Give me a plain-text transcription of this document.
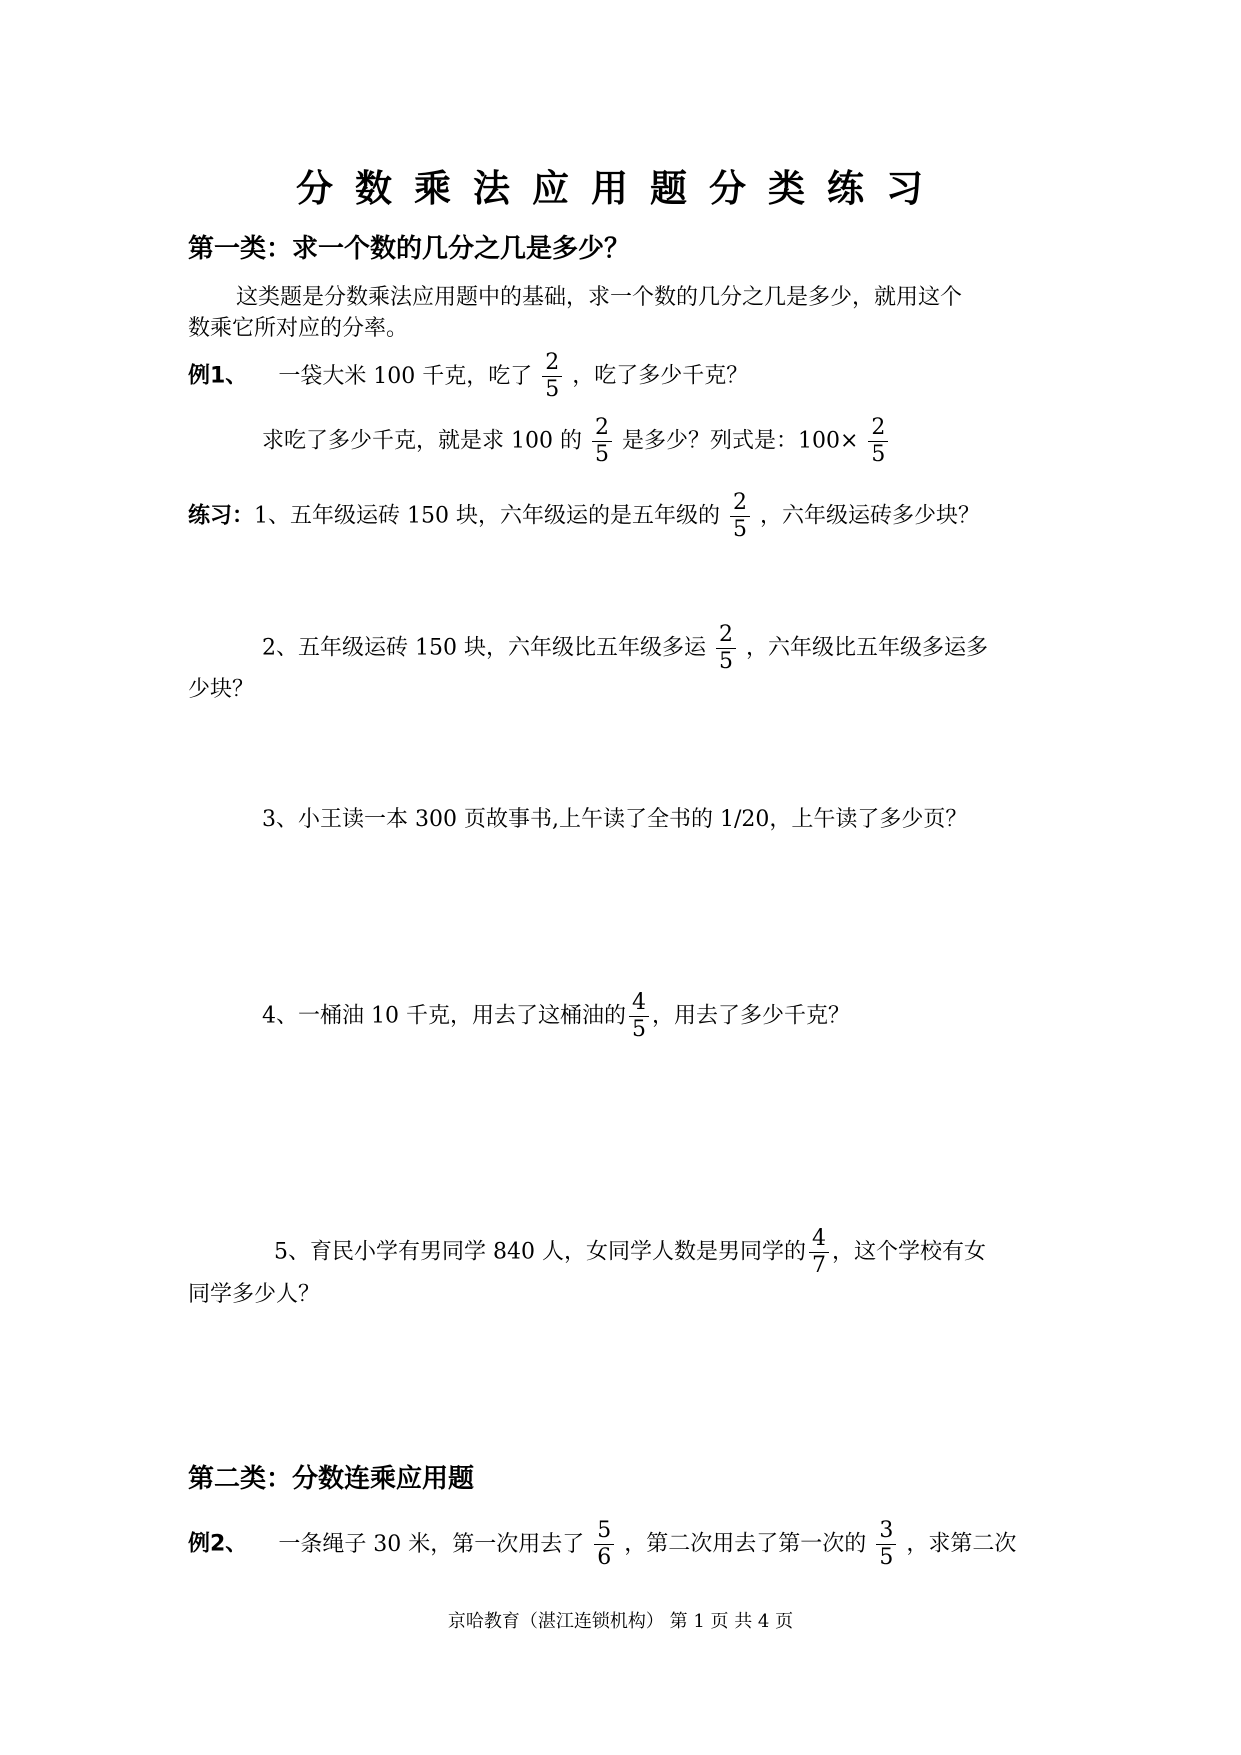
分数乘法应用题分类练习
第一类：求一个数的几分之几是多少？
这类题是分数乘法应用题中的基础，求一个数的几分之几是多少，就用这个
数乘它所对应的分率。
例1、 一袋大米 100 千克，吃了 $\frac{2}{5}$ ，吃了多少千克？
求吃了多少千克，就是求 100 的 $\frac{2}{5}$ 是多少？列式是：$100\times \frac{2}{5}$
练习：1、五年级运砖 150 块，六年级运的是五年级的 $\frac{2}{5}$ ，六年级运砖多少块？
2、五年级运砖 150 块，六年级比五年级多运 $\frac{2}{5}$ ，六年级比五年级多运多
少块？
3、小王读一本 300 页故事书,上午读了全书的 1/20，上午读了多少页？
4、一桶油 10 千克，用去了这桶油的 $\frac{4}{5}$ ，用去了多少千克？
5、育民小学有男同学 840 人，女同学人数是男同学的 $\frac{4}{7}$ ，这个学校有女
同学多少人？
第二类：分数连乘应用题
例2、 一条绳子 30 米，第一次用去了 $\frac{5}{6}$ ，第二次用去了第一次的 $\frac{3}{5}$ ，求第二次
京哈教育（湛江连锁机构） 第 1 页 共 4 页
